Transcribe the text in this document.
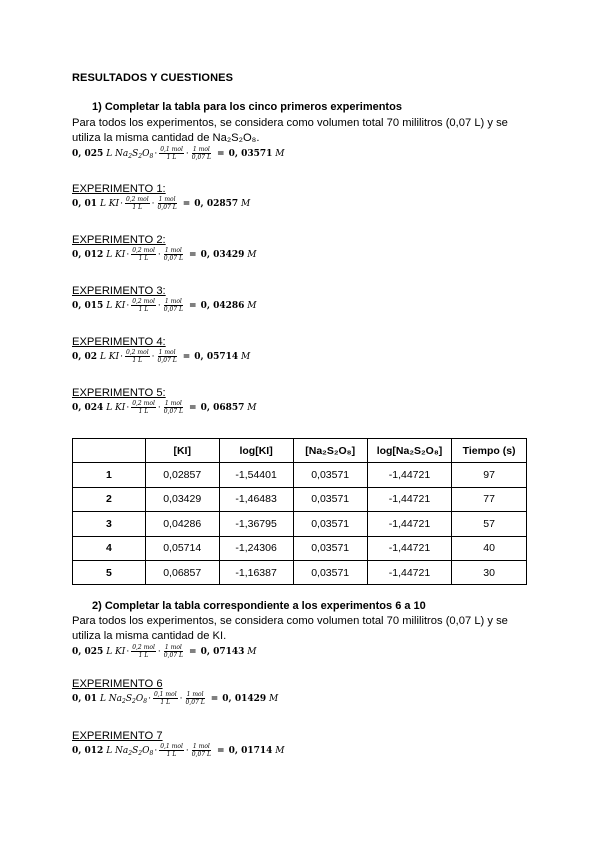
RESULTADOS Y CUESTIONES
1) Completar la tabla para los cinco primeros experimentos
Para todos los experimentos, se considera como volumen total 70 mililitros (0,07 L) y se utiliza la misma cantidad de Na₂S₂O₈.
0, 025
L Na 2 S 2 O $8 \cdot \frac{\text{0,1 mol}}{1 L} \cdot \frac{\text{1 mol}}{0,07 L} = 0$, 03571
M
EXPERIMENTO 1:
0, 01
L KI · $\frac{\text{0,2 mol}}{1 L} \cdot \frac{\text{1 mol}}{0,07 L} = 0$, 02857
M
EXPERIMENTO 2:
0, 012
L KI · $\frac{\text{0,2 mol}}{1 L} \cdot \frac{\text{1 mol}}{0,07 L} = 0$, 03429
M
EXPERIMENTO 3:
0, 015
L KI · $\frac{\text{0,2 mol}}{1 L} \cdot \frac{\text{1 mol}}{0,07 L} = 0$, 04286
M
EXPERIMENTO 4:
0, 02
L KI · $\frac{\text{0,2 mol}}{1 L} \cdot \frac{\text{1 mol}}{0,07 L} = 0$, 05714
M
EXPERIMENTO 5:
0, 024
L KI · $\frac{\text{0,2 mol}}{1 L} \cdot \frac{\text{1 mol}}{0,07 L} = 0$, 06857
M
	[KI]	log[KI]	[Na₂S₂O₈]	log[Na₂S₂O₈]	Tiempo (s)
1	0,02857	-1,54401	0,03571	-1,44721	97
2	0,03429	-1,46483	0,03571	-1,44721	77
3	0,04286	-1,36795	0,03571	-1,44721	57
4	0,05714	-1,24306	0,03571	-1,44721	40
5	0,06857	-1,16387	0,03571	-1,44721	30
2) Completar la tabla correspondiente a los experimentos 6 a 10
Para todos los experimentos, se considera como volumen total 70 mililitros (0,07 L) y se utiliza la misma cantidad de KI.
0, 025
L KI · $\frac{\text{0,2 mol}}{1 L} \cdot \frac{\text{1 mol}}{0,07 L} = 0$, 07143
M
EXPERIMENTO 6
0, 01
L Na 2 S 2 O $8 \cdot \frac{\text{0,1 mol}}{1 L} \cdot \frac{\text{1 mol}}{0,07 L} = 0$, 01429
M
EXPERIMENTO 7
0, 012
L Na 2 S 2 O $8 \cdot \frac{\text{0,1 mol}}{1 L} \cdot \frac{\text{1 mol}}{0,07 L} = 0$, 01714
M
